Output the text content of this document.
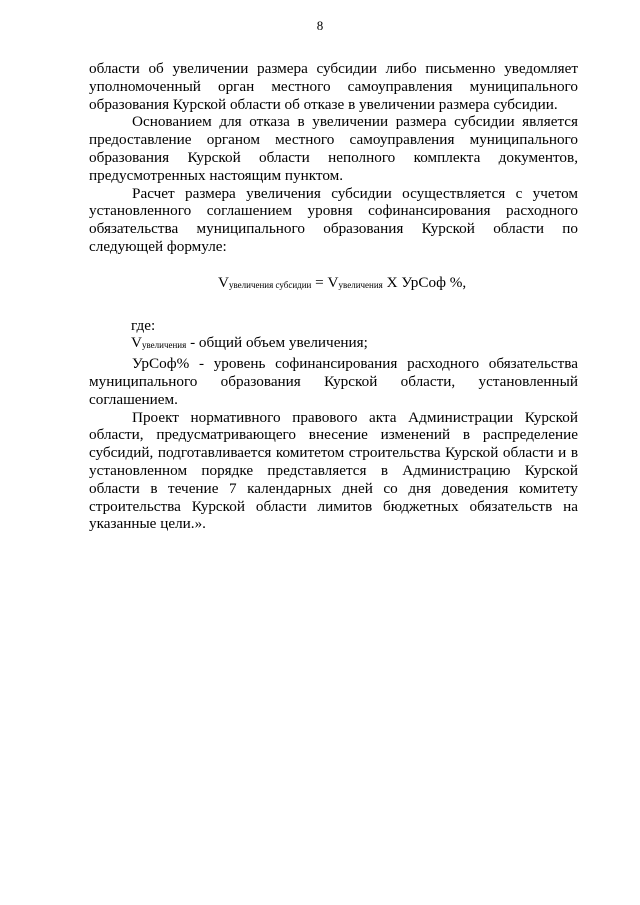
8

области об увеличении размера субсидии либо письменно уведомляет уполномоченный орган местного самоуправления муниципального образования Курской области об отказе в увеличении размера субсидии.

Основанием для отказа в увеличении размера субсидии является предоставление органом местного самоуправления муниципального образования Курской области неполного комплекта документов, предусмотренных настоящим пунктом.

Расчет размера увеличения субсидии осуществляется с учетом установленного соглашением уровня софинансирования расходного обязательства муниципального образования Курской области по следующей формуле:

Vувеличения субсидии = Vувеличения X УрСоф %,

где:

Vувеличения - общий объем увеличения;

УрСоф% - уровень софинансирования расходного обязательства муниципального образования Курской области, установленный соглашением.

Проект нормативного правового акта Администрации Курской области, предусматривающего внесение изменений в распределение субсидий, подготавливается комитетом строительства Курской области и в установленном порядке представляется в Администрацию Курской области в течение 7 календарных дней со дня доведения комитету строительства Курской области лимитов бюджетных обязательств на указанные цели.».
